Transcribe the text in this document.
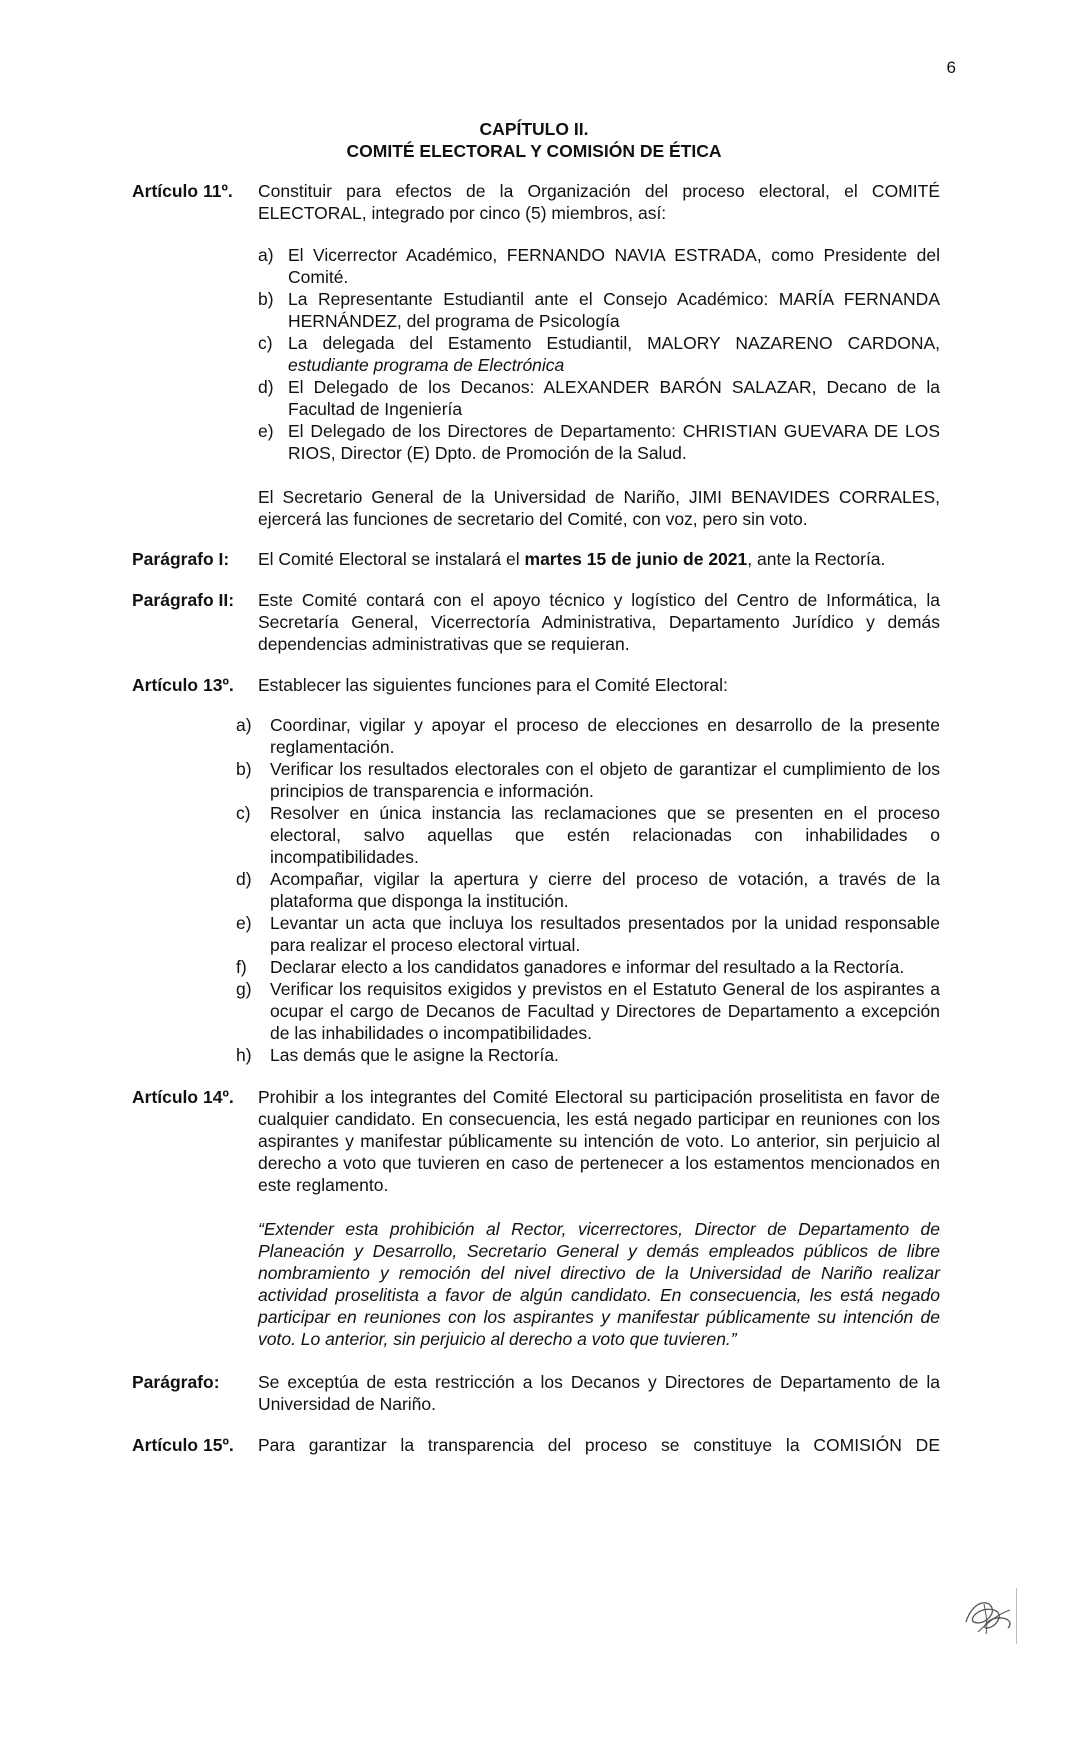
6
CAPÍTULO II.
COMITÉ ELECTORAL Y COMISIÓN DE ÉTICA
Artículo 11º.	Constituir para efectos de la Organización del proceso electoral, el COMITÉ ELECTORAL, integrado por cinco (5) miembros, así:

a) El Vicerrector Académico, FERNANDO NAVIA ESTRADA, como Presidente del Comité.
b) La Representante Estudiantil ante el Consejo Académico: MARÍA FERNANDA HERNÁNDEZ, del programa de Psicología
c) La delegada del Estamento Estudiantil, MALORY NAZARENO CARDONA, estudiante programa de Electrónica
d) El Delegado de los Decanos: ALEXANDER BARÓN SALAZAR, Decano de la Facultad de Ingeniería
e) El Delegado de los Directores de Departamento: CHRISTIAN GUEVARA DE LOS RIOS, Director (E) Dpto. de Promoción de la Salud.

El Secretario General de la Universidad de Nariño, JIMI BENAVIDES CORRALES, ejercerá las funciones de secretario del Comité, con voz, pero sin voto.

Parágrafo I:	El Comité Electoral se instalará el martes 15 de junio de 2021, ante la Rectoría.

Parágrafo II:	Este Comité contará con el apoyo técnico y logístico del Centro de Informática, la Secretaría General, Vicerrectoría Administrativa, Departamento Jurídico y demás dependencias administrativas que se requieran.

Artículo 13º.	Establecer las siguientes funciones para el Comité Electoral:

a)	Coordinar, vigilar y apoyar el proceso de elecciones en desarrollo de la presente reglamentación.
b)	Verificar los resultados electorales con el objeto de garantizar el cumplimiento de los principios de transparencia e información.
c)	Resolver en única instancia las reclamaciones que se presenten en el proceso electoral, salvo aquellas que estén relacionadas con inhabilidades o incompatibilidades.
d)	Acompañar, vigilar la apertura y cierre del proceso de votación, a través de la plataforma que disponga la institución.
e)	Levantar un acta que incluya los resultados presentados por la unidad responsable para realizar el proceso electoral virtual.
f)	Declarar electo a los candidatos ganadores e informar del resultado a la Rectoría.
g)	Verificar los requisitos exigidos y previstos en el Estatuto General de los aspirantes a ocupar el cargo de Decanos de Facultad y Directores de Departamento a excepción de las inhabilidades o incompatibilidades.
h)	Las demás que le asigne la Rectoría.
Artículo 14º.	Prohibir a los integrantes del Comité Electoral su participación proselitista en favor de cualquier candidato. En consecuencia, les está negado participar en reuniones con los aspirantes y manifestar públicamente su intención de voto. Lo anterior, sin perjuicio al derecho a voto que tuvieren en caso de pertenecer a los estamentos mencionados en este reglamento.

“Extender esta prohibición al Rector, vicerrectores, Director de Departamento de Planeación y Desarrollo, Secretario General y demás empleados públicos de libre nombramiento y remoción del nivel directivo de la Universidad de Nariño realizar actividad proselitista a favor de algún candidato. En consecuencia, les está negado participar en reuniones con los aspirantes y manifestar públicamente su intención de voto. Lo anterior, sin perjuicio al derecho a voto que tuvieren.”

Parágrafo:	Se exceptúa de esta restricción a los Decanos y Directores de Departamento de la Universidad de Nariño.

Artículo 15º.	Para garantizar la transparencia del proceso se constituye la COMISIÓN DE
